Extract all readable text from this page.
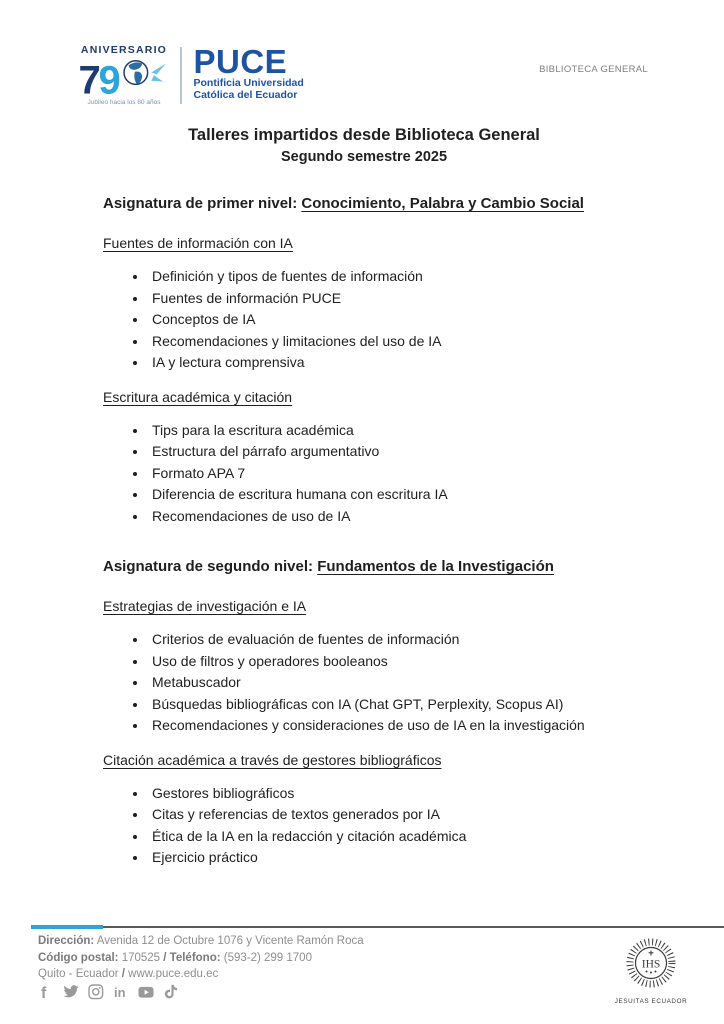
ANIVERSARIO
7
9
Jubileo hacia los 80 años
PUCE
Pontificia Universidad
Católica del Ecuador
BIBLIOTECA GENERAL
Talleres impartidos desde Biblioteca General
Segundo semestre 2025

Asignatura de primer nivel: Conocimiento, Palabra y Cambio Social

Fuentes de información con IA

• Definición y tipos de fuentes de información
• Fuentes de información PUCE
• Conceptos de IA
• Recomendaciones y limitaciones del uso de IA
• IA y lectura comprensiva

Escritura académica y citación

• Tips para la escritura académica
• Estructura del párrafo argumentativo
• Formato APA 7
• Diferencia de escritura humana con escritura IA
• Recomendaciones de uso de IA

Asignatura de segundo nivel: Fundamentos de la Investigación

Estrategias de investigación e IA

• Criterios de evaluación de fuentes de información
• Uso de filtros y operadores booleanos
• Metabuscador
• Búsquedas bibliográficas con IA (Chat GPT, Perplexity, Scopus AI)
• Recomendaciones y consideraciones de uso de IA en la investigación

Citación académica a través de gestores bibliográficos

• Gestores bibliográficos
• Citas y referencias de textos generados por IA
• Ética de la IA en la redacción y citación académica
• Ejercicio práctico

Dirección: Avenida 12 de Octubre 1076 y Vicente Ramón Roca

Código postal: 170525 / Teléfono: (593-2) 299 1700

Quito - Ecuador / www.puce.edu.ec

f	in
IHS
JESUITAS ECUADOR
